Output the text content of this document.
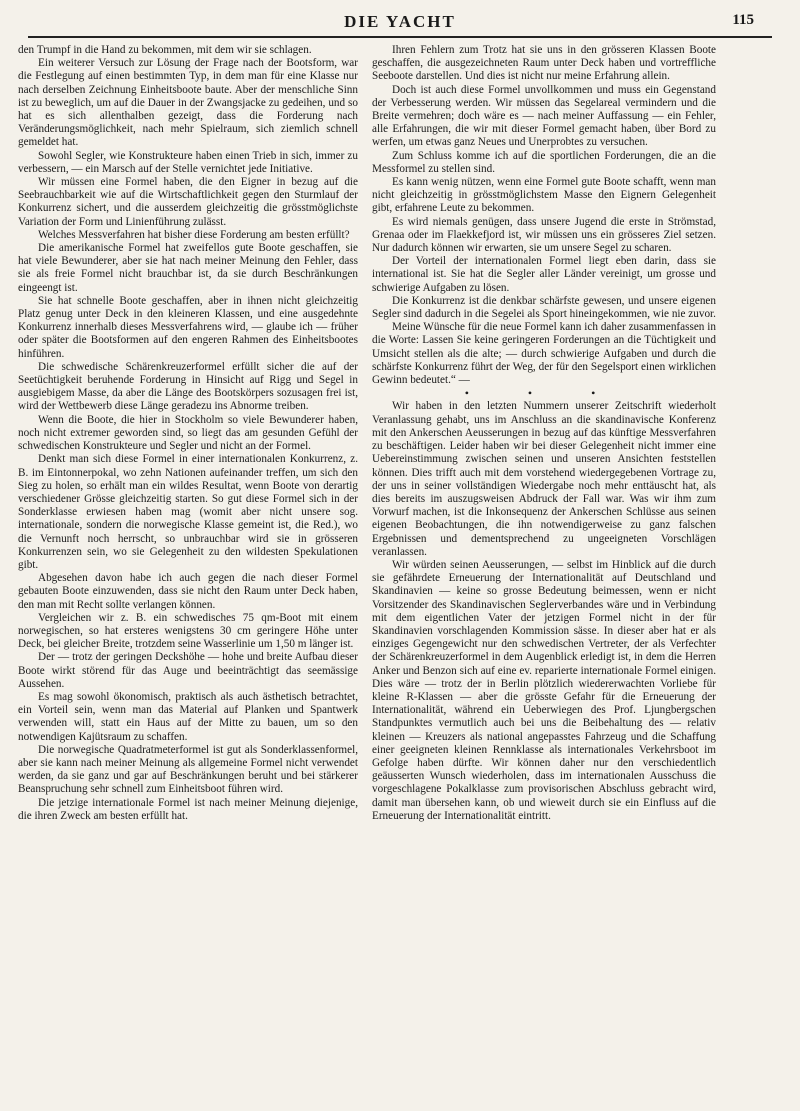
DIE YACHT	115

den Trumpf in die Hand zu bekommen, mit dem wir sie schlagen.

Ein weiterer Versuch zur Lösung der Frage nach der Bootsform, war die Festlegung auf einen bestimmten Typ, in dem man für eine Klasse nur nach derselben Zeichnung Einheitsboote baute. Aber der menschliche Sinn ist zu beweglich, um auf die Dauer in der Zwangsjacke zu gedeihen, und so hat es sich allenthalben gezeigt, dass die Forderung nach Veränderungsmöglichkeit, nach mehr Spielraum, sich ziemlich schnell gemeldet hat.

Sowohl Segler, wie Konstrukteure haben einen Trieb in sich, immer zu verbessern, — ein Marsch auf der Stelle vernichtet jede Initiative.

Wir müssen eine Formel haben, die den Eigner in bezug auf die Seebrauchbarkeit wie auf die Wirtschaftlichkeit gegen den Sturmlauf der Konkurrenz sichert, und die ausserdem gleichzeitig die grösstmöglichste Variation der Form und Linienführung zulässt.

Welches Messverfahren hat bisher diese Forderung am besten erfüllt?

Die amerikanische Formel hat zweifellos gute Boote geschaffen, sie hat viele Bewunderer, aber sie hat nach meiner Meinung den Fehler, dass sie als freie Formel nicht brauchbar ist, da sie durch Beschränkungen eingeengt ist.

Sie hat schnelle Boote geschaffen, aber in ihnen nicht gleichzeitig Platz genug unter Deck in den kleineren Klassen, und eine ausgedehnte Konkurrenz innerhalb dieses Messverfahrens wird, — glaube ich — früher oder später die Bootsformen auf den engeren Rahmen des Einheitsbootes hinführen.

Die schwedische Schärenkreuzerformel erfüllt sicher die auf der Seetüchtigkeit beruhende Forderung in Hinsicht auf Rigg und Segel in ausgiebigem Masse, da aber die Länge des Bootskörpers sozusagen frei ist, wird der Wettbewerb diese Länge geradezu ins Abnorme treiben.

Wenn die Boote, die hier in Stockholm so viele Bewunderer haben, noch nicht extremer geworden sind, so liegt das am gesunden Gefühl der schwedischen Konstrukteure und Segler und nicht an der Formel.

Denkt man sich diese Formel in einer internationalen Konkurrenz, z. B. im Eintonnerpokal, wo zehn Nationen aufeinander treffen, um sich den Sieg zu holen, so erhält man ein wildes Resultat, wenn Boote von derartig verschiedener Grösse gleichzeitig starten. So gut diese Formel sich in der Sonderklasse erwiesen haben mag (womit aber nicht unsere sog. internationale, sondern die norwegische Klasse gemeint ist, die Red.), wo die Vernunft noch herrscht, so unbrauchbar wird sie in grösseren Konkurrenzen sein, wo sie Gelegenheit zu den wildesten Spekulationen gibt.

Abgesehen davon habe ich auch gegen die nach dieser Formel gebauten Boote einzuwenden, dass sie nicht den Raum unter Deck haben, den man mit Recht sollte verlangen können.

Vergleichen wir z. B. ein schwedisches 75 qm-Boot mit einem norwegischen, so hat ersteres wenigstens 30 cm geringere Höhe unter Deck, bei gleicher Breite, trotzdem seine Wasserlinie um 1,50 m länger ist.

Der — trotz der geringen Deckshöhe — hohe und breite Aufbau dieser Boote wirkt störend für das Auge und beeinträchtigt das seemässige Aussehen.

Es mag sowohl ökonomisch, praktisch als auch ästhetisch betrachtet, ein Vorteil sein, wenn man das Material auf Planken und Spantwerk verwenden will, statt ein Haus auf der Mitte zu bauen, um so den notwendigen Kajütsraum zu schaffen.

Die norwegische Quadratmeterformel ist gut als Sonderklassenformel, aber sie kann nach meiner Meinung als allgemeine Formel nicht verwendet werden, da sie ganz und gar auf Beschränkungen beruht und bei stärkerer Beanspruchung sehr schnell zum Einheitsboot führen wird.

Die jetzige internationale Formel ist nach meiner Meinung diejenige, die ihren Zweck am besten erfüllt hat.

Ihren Fehlern zum Trotz hat sie uns in den grösseren Klassen Boote geschaffen, die ausgezeichneten Raum unter Deck haben und vortreffliche Seeboote darstellen. Und dies ist nicht nur meine Erfahrung allein.

Doch ist auch diese Formel unvollkommen und muss ein Gegenstand der Verbesserung werden. Wir müssen das Segelareal vermindern und die Breite vermehren; doch wäre es — nach meiner Auffassung — ein Fehler, alle Erfahrungen, die wir mit dieser Formel gemacht haben, über Bord zu werfen, um etwas ganz Neues und Unerprobtes zu versuchen.

Zum Schluss komme ich auf die sportlichen Forderungen, die an die Messformel zu stellen sind.

Es kann wenig nützen, wenn eine Formel gute Boote schafft, wenn man nicht gleichzeitig in grösstmöglichstem Masse den Eignern Gelegenheit gibt, erfahrene Leute zu bekommen.

Es wird niemals genügen, dass unsere Jugend die erste in Strömstad, Grenaa oder im Flaekkefjord ist, wir müssen uns ein grösseres Ziel setzen. Nur dadurch können wir erwarten, sie um unsere Segel zu scharen.

Der Vorteil der internationalen Formel liegt eben darin, dass sie international ist. Sie hat die Segler aller Länder vereinigt, um grosse und schwierige Aufgaben zu lösen.

Die Konkurrenz ist die denkbar schärfste gewesen, und unsere eigenen Segler sind dadurch in die Segelei als Sport hineingekommen, wie nie zuvor.

Meine Wünsche für die neue Formel kann ich daher zusammenfassen in die Worte: Lassen Sie keine geringeren Forderungen an die Tüchtigkeit und Umsicht stellen als die alte; — durch schwierige Aufgaben und durch die schärfste Konkurrenz führt der Weg, der für den Segelsport einen wirklichen Gewinn bedeutet.“ —

• • •

Wir haben in den letzten Nummern unserer Zeitschrift wiederholt Veranlassung gehabt, uns im Anschluss an die skandinavische Konferenz mit den Ankerschen Aeusserungen in bezug auf das künftige Messverfahren zu beschäftigen. Leider haben wir bei dieser Gelegenheit nicht immer eine Uebereinstimmung zwischen seinen und unseren Ansichten feststellen können. Dies trifft auch mit dem vorstehend wiedergegebenen Vortrage zu, der uns in seiner vollständigen Wiedergabe noch mehr enttäuscht hat, als dies bereits im auszugsweisen Abdruck der Fall war. Was wir ihm zum Vorwurf machen, ist die Inkonsequenz der Ankerschen Schlüsse aus seinen eigenen Beobachtungen, die ihn notwendigerweise zu ganz falschen Ergebnissen und dementsprechend zu ungeeigneten Vorschlägen veranlassen.

Wir würden seinen Aeusserungen, — selbst im Hinblick auf die durch sie gefährdete Erneuerung der Internationalität auf Deutschland und Skandinavien — keine so grosse Bedeutung beimessen, wenn er nicht Vorsitzender des Skandinavischen Seglerverbandes wäre und in Verbindung mit dem eigentlichen Vater der jetzigen Formel nicht in der für Skandinavien vorschlagenden Kommission sässe. In dieser aber hat er als einziges Gegengewicht nur den schwedischen Vertreter, der als Verfechter der Schärenkreuzerformel in dem Augenblick erledigt ist, in dem die Herren Anker und Benzon sich auf eine ev. reparierte internationale Formel einigen. Dies wäre — trotz der in Berlin plötzlich wiedererwachten Vorliebe für kleine R-Klassen — aber die grösste Gefahr für die Erneuerung der Internationalität, während ein Ueberwiegen des Prof. Ljungbergschen Standpunktes vermutlich auch bei uns die Beibehaltung des — relativ kleinen — Kreuzers als national angepasstes Fahrzeug und die Schaffung einer geeigneten kleinen Rennklasse als internationales Verkehrsboot im Gefolge haben dürfte. Wir können daher nur den verschiedentlich geäusserten Wunsch wiederholen, dass im internationalen Ausschuss die vorgeschlagene Pokalklasse zum provisorischen Abschluss gebracht wird, damit man übersehen kann, ob und wieweit durch sie ein Einfluss auf die Erneuerung der Internationalität eintritt.
